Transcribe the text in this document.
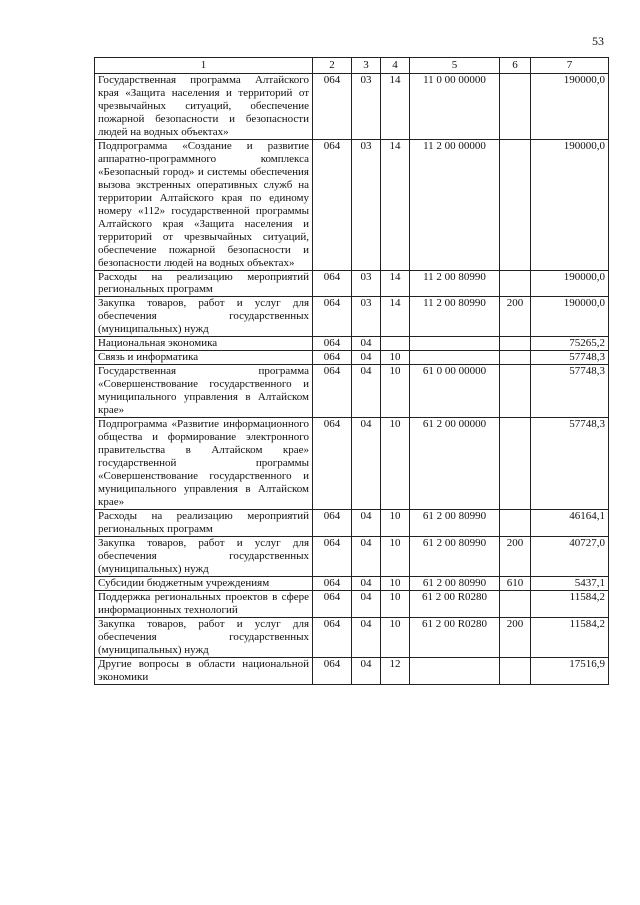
53
1	2	3	4	5	6	7
Государственная программа Алтайского края «Защита населения и территорий от чрезвычайных ситуаций, обеспечение пожарной безопасности и безопасности людей на водных объектах»	064	03	14	11 0 00 00000		190000,0
Подпрограмма «Создание и развитие аппаратно-программного комплекса «Безопасный город» и системы обеспечения вызова экстренных оперативных служб на территории Алтайского края по единому номеру «112» государственной программы Алтайского края «Защита населения и территорий от чрезвычайных ситуаций, обеспечение пожарной безопасности и безопасности людей на водных объектах»	064	03	14	11 2 00 00000		190000,0
Расходы на реализацию мероприятий региональных программ	064	03	14	11 2 00 80990		190000,0
Закупка товаров, работ и услуг для обеспечения государственных (муниципальных) нужд	064	03	14	11 2 00 80990	200	190000,0
Национальная экономика	064	04				75265,2
Связь и информатика	064	04	10			57748,3
Государственная программа «Совершенствование государственного и муниципального управления в Алтайском крае»	064	04	10	61 0 00 00000		57748,3
Подпрограмма «Развитие информационного общества и формирование электронного правительства в Алтайском крае» государственной программы «Совершенствование государственного и муниципального управления в Алтайском крае»	064	04	10	61 2 00 00000		57748,3
Расходы на реализацию мероприятий региональных программ	064	04	10	61 2 00 80990		46164,1
Закупка товаров, работ и услуг для обеспечения государственных (муниципальных) нужд	064	04	10	61 2 00 80990	200	40727,0
Субсидии бюджетным учреждениям	064	04	10	61 2 00 80990	610	5437,1
Поддержка региональных проектов в сфере информационных технологий	064	04	10	61 2 00 R0280		11584,2
Закупка товаров, работ и услуг для обеспечения государственных (муниципальных) нужд	064	04	10	61 2 00 R0280	200	11584,2
Другие вопросы в области национальной экономики	064	04	12			17516,9
